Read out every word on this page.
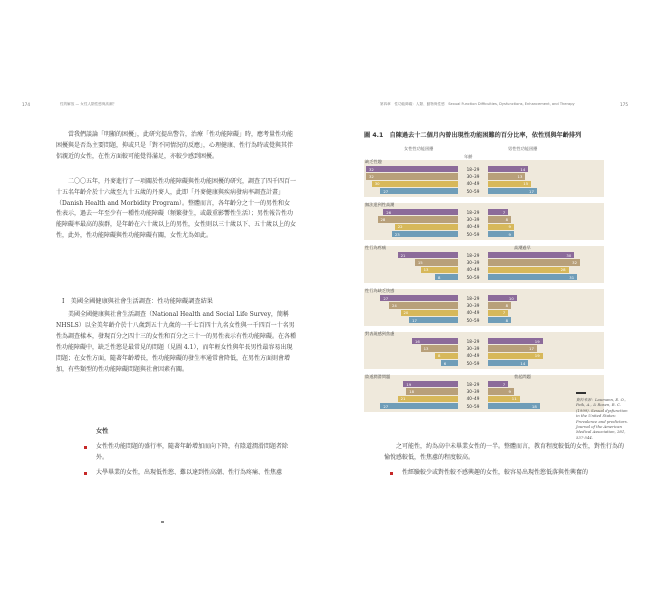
174	性的解放 — 女性人類性慾與高潮？

當我們談論「明顯的困擾」，此研究提出警告，治療「性功能障礙」時，應考量性功能困擾與是否為主要問題，抑或只是「對不同情況的反應」，心理健康、性行為時或覺與其伴侶親近的女性，在性方面較可能覺得滿足，亦較少感到困擾。

二〇〇五年，丹麥進行了一項關於性功能障礙與性功能困擾的研究，調查了四千四百一十五名年齡介於十六歲至九十五歲的丹麥人，此即「丹麥健康與疾病發病率調查計畫」（Danish Health and Morbidity Program）。整體而言，各年齡分之十一的男性和女性表示，過去一年至少有一種性功能障礙（頻繁發生，或嚴重影響性生活）；男性報告性功能障礙率最高的族群，是年齡在六十歲以上的男性，女性則以三十歲以下、五十歲以上的女性，此外，性功能障礙與性功能障礙有關，女性尤為如此。

I　美國全國健康與社會生活調查：性功能障礙調查結果

美國全國健康與社會生活調查（National Health and Social Life Survey，簡稱 NHSLS）以全美年齡介於十八歲到五十九歲的一千七百四十九名女性與一千四百一十名男性為調查樣本，發現百分之四十三的女性和百分之三十一的男性表示有性功能障礙。在各種性功能障礙中，缺乏性慾是最常見的問題（見圖 4.1），而年輕女性與年長男性最容易出現問題；在女性方面，隨著年齡增長，性功能障礙的發生率通常會降低，在男性方面則會增加，有些類型的性功能障礙問題與社會因素有關。

女性
女性性功能問題的盛行率，隨著年齡增加而向下降，有陰道潤滑問題者除外。
大學畢業的女性，出現低性慾、難以達到性高潮、性行為疼痛、性焦慮
第四章　性功能障礙：人類、動物與性慾　Sexual Function Difficulties, Dysfunctions, Enhancement, and Therapy	175
圖 4.1　自陳過去十二個月內曾出現性功能困難的百分比率，依性別與年齡排列
女性性功能困擾	男性性功能困擾
年齡
缺乏性趣
32	18–29	14
32	30–39	13
30	40–49	15
27	50–59	17
無法達到性高潮
26	18–29	7
28	30–39	8
22	40–49	9
23	50–59	9
性行為疼痛	高潮過早
21	18–29	30
15	30–39	32
13	40–49	28
8	50–59	31
性行為缺乏快感
27	18–29	10
24	30–39	8
20	40–49	7
17	50–59	8
對表現感到焦慮
16	18–29	19
13	30–39	17
8	40–49	19
6	50–59	14
陰道潤滑問題	勃起問題
19	18–29	7
18	30–39	9
21	40–49	11
27	50–59	18
資料來源：Laumann, E. O., Paik, A., & Rosen, R. C. (1999). Sexual dysfunction in the United States: Prevalence and predictors. Journal of the American Medical Association, 281, 537-544.

之可能性，約為高中未畢業女性的一半。整體而言，教育程度較低的女性，對性行為的愉悅感較低，性焦慮的程度較高。

性經驗較少或對性較不感興趣的女性，較容易出現性慾低落與性興奮的
